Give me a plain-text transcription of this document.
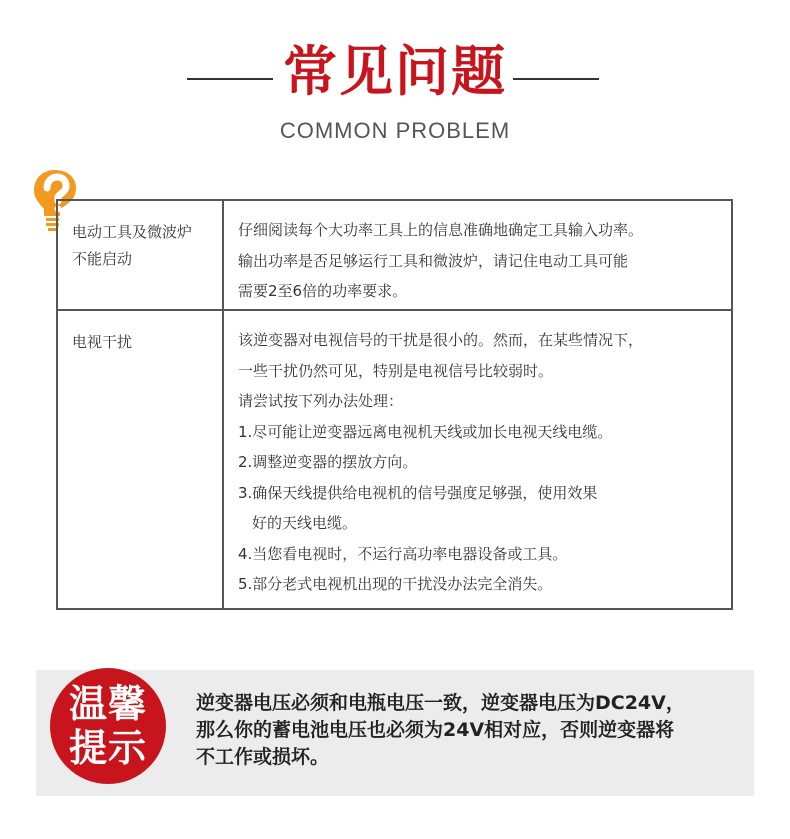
常见问题
COMMON PROBLEM
电动工具及微波炉
不能启动
仔细阅读每个大功率工具上的信息准确地确定工具输入功率。
输出功率是否足够运行工具和微波炉，请记住电动工具可能
需要2至6倍的功率要求。
电视干扰	该逆变器对电视信号的干扰是很小的。然而，在某些情况下，
一些干扰仍然可见，特别是电视信号比较弱时。
请尝试按下列办法处理：
1.尽可能让逆变器远离电视机天线或加长电视天线电缆。
2.调整逆变器的摆放方向。
3.确保天线提供给电视机的信号强度足够强，使用效果
好的天线电缆。
4.当您看电视时，不运行高功率电器设备或工具。
5.部分老式电视机出现的干扰没办法完全消失。
温馨
提示
逆变器电压必须和电瓶电压一致，逆变器电压为DC24V，
那么你的蓄电池电压也必须为24V相对应，否则逆变器将
不工作或损坏。
